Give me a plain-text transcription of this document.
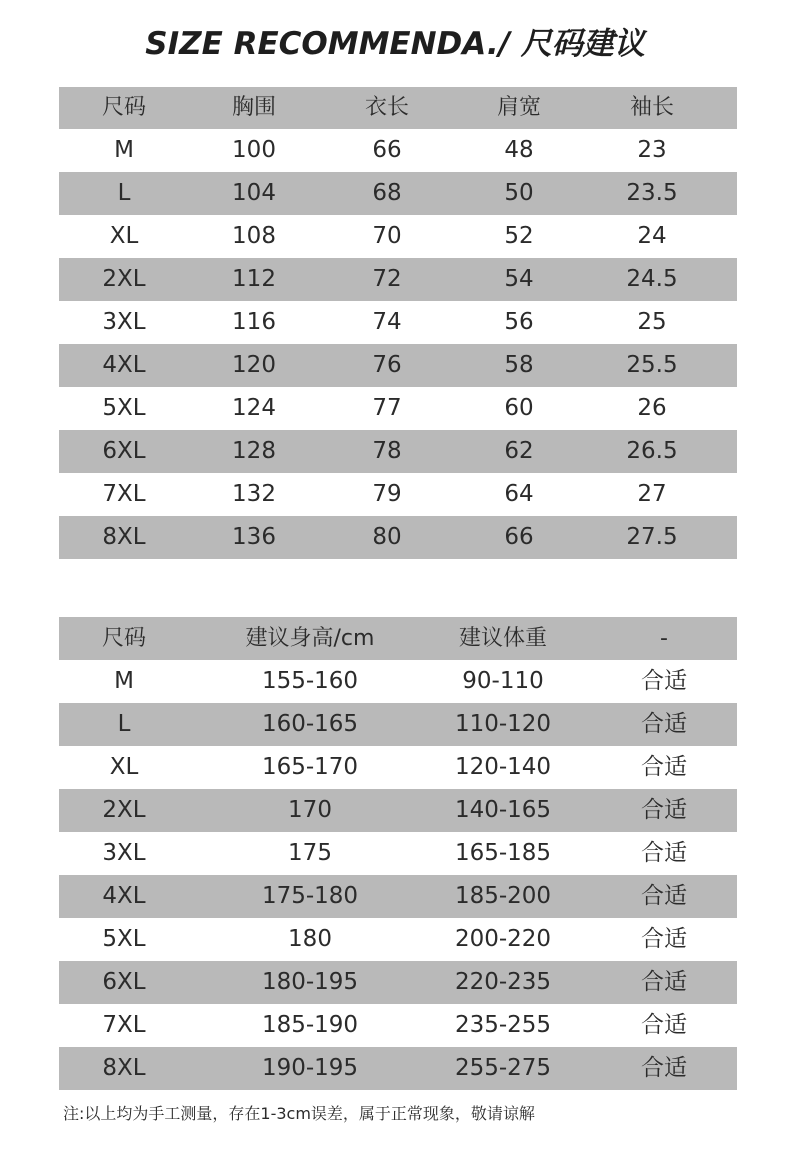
SIZE RECOMMENDA./ 尺码建议
尺码	胸围	衣长	肩宽	袖长
M	100	66	48	23
L	104	68	50	23.5
XL	108	70	52	24
2XL	112	72	54	24.5
3XL	116	74	56	25
4XL	120	76	58	25.5
5XL	124	77	60	26
6XL	128	78	62	26.5
7XL	132	79	64	27
8XL	136	80	66	27.5
尺码	建议身高/cm	建议体重	-
M	155-160	90-110	合适
L	160-165	110-120	合适
XL	165-170	120-140	合适
2XL	170	140-165	合适
3XL	175	165-185	合适
4XL	175-180	185-200	合适
5XL	180	200-220	合适
6XL	180-195	220-235	合适
7XL	185-190	235-255	合适
8XL	190-195	255-275	合适
注:以上均为手工测量，存在1-3cm误差，属于正常现象，敬请谅解
